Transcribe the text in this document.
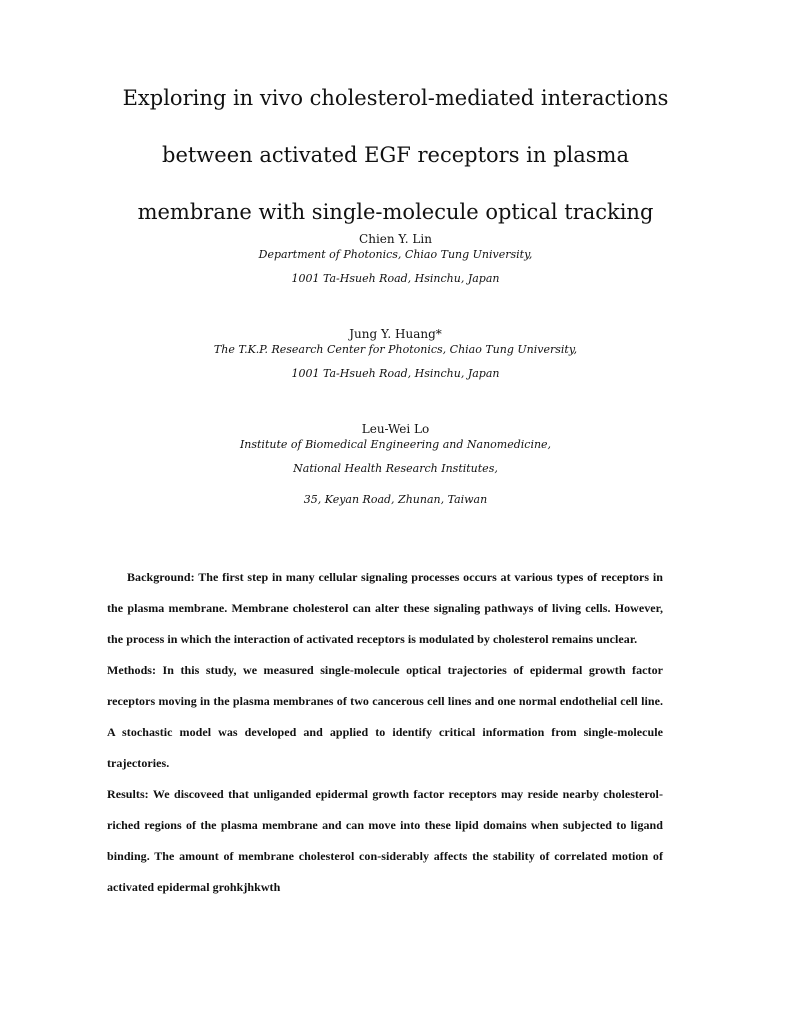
Exploring in vivo cholesterol-mediated interactions
between activated EGF receptors in plasma
membrane with single-molecule optical tracking
Chien Y. Lin
Department of Photonics, Chiao Tung University,
1001 Ta-Hsueh Road, Hsinchu, Japan
Jung Y. Huang*
The T.K.P. Research Center for Photonics, Chiao Tung University,
1001 Ta-Hsueh Road, Hsinchu, Japan
Leu-Wei Lo
Institute of Biomedical Engineering and Nanomedicine,
National Health Research Institutes,
35, Keyan Road, Zhunan, Taiwan

Background: The first step in many cellular signaling processes occurs at various types of receptors in the plasma membrane. Membrane cholesterol can alter these signaling pathways of living cells. However, the process in which the interaction of activated receptors is modulated by cholesterol remains unclear.

Methods: In this study, we measured single-molecule optical trajectories of epidermal growth factor receptors moving in the plasma membranes of two cancerous cell lines and one normal endothelial cell line. A stochastic model was developed and applied to identify critical information from single-molecule trajectories.

Results: We discoveed that unliganded epidermal growth factor receptors may reside nearby cholesterol-riched regions of the plasma membrane and can move into these lipid domains when subjected to ligand binding. The amount of membrane cholesterol con-siderably affects the stability of correlated motion of activated epidermal grohkjhkwth
